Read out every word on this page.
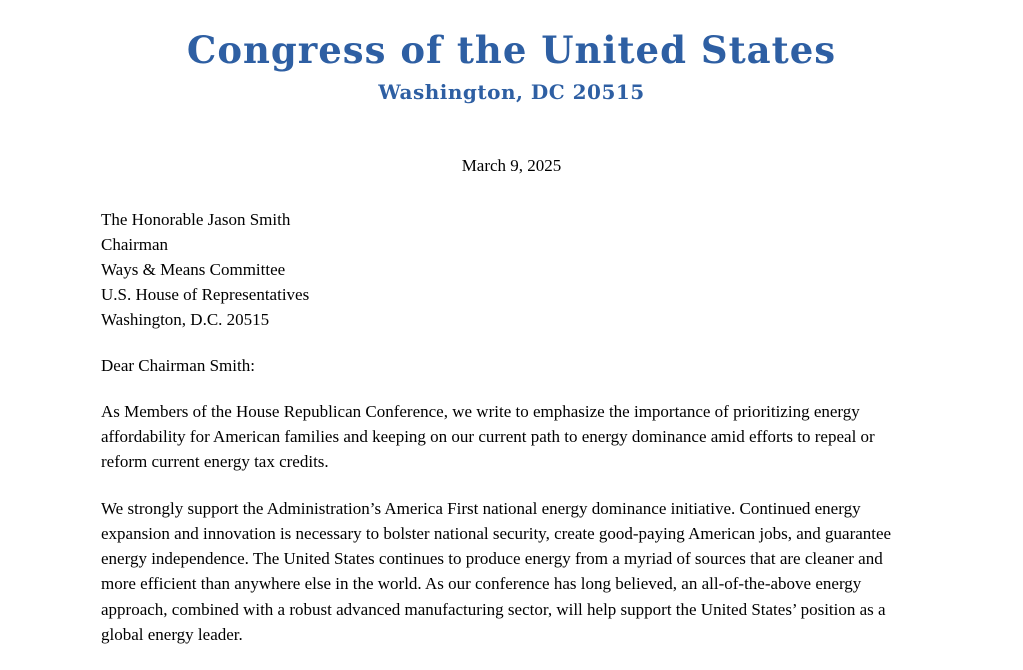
Congress of the United States
Washington, DC 20515
March 9, 2025
The Honorable Jason Smith
Chairman
Ways & Means Committee
U.S. House of Representatives
Washington, D.C. 20515
Dear Chairman Smith:

As Members of the House Republican Conference, we write to emphasize the importance of prioritizing energy affordability for American families and keeping on our current path to energy dominance amid efforts to repeal or reform current energy tax credits.

We strongly support the Administration’s America First national energy dominance initiative. Continued energy expansion and innovation is necessary to bolster national security, create good-paying American jobs, and guarantee energy independence. The United States continues to produce energy from a myriad of sources that are cleaner and more efficient than anywhere else in the world. As our conference has long believed, an all-of-the-above energy approach, combined with a robust advanced manufacturing sector, will help support the United States’ position as a global energy leader.
